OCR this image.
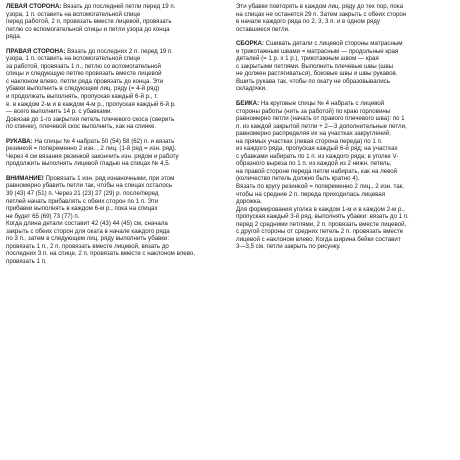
ЛЕВАЯ СТОРОНА: Вязать до последней петли перед 19 п.
узора, 1 п. оставить на вспомогательной спице
перед работой, 2 п. провязать вместе лицевой, провязать
петлю со вспомогательной спицы и петли узора до конца
ряда.
ПРАВАЯ СТОРОНА: Вязать до последних 2 п. перед 19 п.
узора, 1 п. оставить на вспомогательной спице
за работой, провязать 1 п., петлю со вспомогательной
спицы и следующую петлю провязать вместе лицевой
с наклоном влево, петли ряда провязать до конца. Эти
убавки выполнить в следующем лиц. ряду (= 4-й ряд)
и продолжать выполнять, пропуская каждый 6-й р., т.
е. в каждом 2-м и в каждом 4-м р., пропуская каждый 6-й р.
— всего выполнить 14 р. с убавками.
Довязав до 1-го закрытия петель плечевого скоса (сверить
по спинке), плечевой скос выполнить, как на спинке.
РУКАВА: На спицы № 4 набрать 50 (54) 58 (62) п. и вязать
резинкой = попеременно 2 изн. , 2 лиц. (1-й ряд = изн. ряд).
Через 4 см вязания резинкой закончить изн. рядом и работу
продолжить выполнять лицевой гладью на спицах № 4,5.
ВНИМАНИЕ! Провязать 1 изн. ряд изнаночными, при этом
равномерно убавить петли так, чтобы на спицах осталось
39 (43) 47 (51) п. Через 21 (23) 27 (29) р. после/перед
петлей начать прибавлять с обеих сторон по 1 п. Эти
прибавки выполнять в каждом 6-м р., пока на спицах
не будет 65 (69) 73 (77) п.
Когда длина детали составит 42 (43) 44 (45) см, сначала
закрыть с обеих сторон для оката в начале каждого ряда
по 3 п., затем в следующем лиц. ряду выполнить убавки:
провязать 1 п., 2 п. провязать вместе лицевой, вязать до
последних 3 п. на спице, 2 п. провязать вместе с наклоном влево,
провязать 1 п.
Эти убавки повторять в каждом лиц. ряду до тех пор, пока
на спицах не останется 29 п. Затем закрыть с обеих сторон
в начале каждого ряда по 2, 3, 3 п. и в одном ряду
оставшиеся петли.
СБОРКА: Сшивать детали с лицевой стороны матрасным
и трикотажным швами = матрасным — продольные края
деталей (= 1 р. x 1 р.), трикотажным швом — края
с закрытыми петлями. Выполнить плечевые швы (швы
не должен растягиваться), боковые швы и швы рукавов.
Вшить рукава так, чтобы по окату не образовывались
складочки.
БЕЙКА: На круговые спицы № 4 набрать с лицевой
стороны работы (нить за работой) по краю горловины
равномерно петли (начать от правого плечевого шва): по 1
п. из каждой закрытой петли + 2—3 дополнительные петли,
равномерно распределяя их на участках закруглений;
на прямых участках (левая сторона переда) по 1 п.
из каждого ряда, пропуская каждый 6-й ряд; на участках
с убавками набирать по 1 п. из каждого ряда; в уголке V-
образного выреза по 1 п. из каждой из 2 нижн. петель;
на правой стороне переда петли набирать, как на левой
(количество петель должно быть кратно 4).
Вязать по кругу резинкой = попеременно 2 лиц., 2 изн. так,
чтобы на средние 2 п. переда приходилась лицевая
дорожка.
Для формирования уголка в каждом 1-м и в каждом 2-м р.,
пропуская каждый 3-й ряд, выполнять убавки: вязать до 1 п.
перед 2 средними петлями, 2 п. провязать вместе лицевой,
с другой стороны от средних петель 2 п. провязать вместе
лицевой с наклоном влево. Когда ширина бейки составит
3—3,5 см, петли закрыть по рисунку.
